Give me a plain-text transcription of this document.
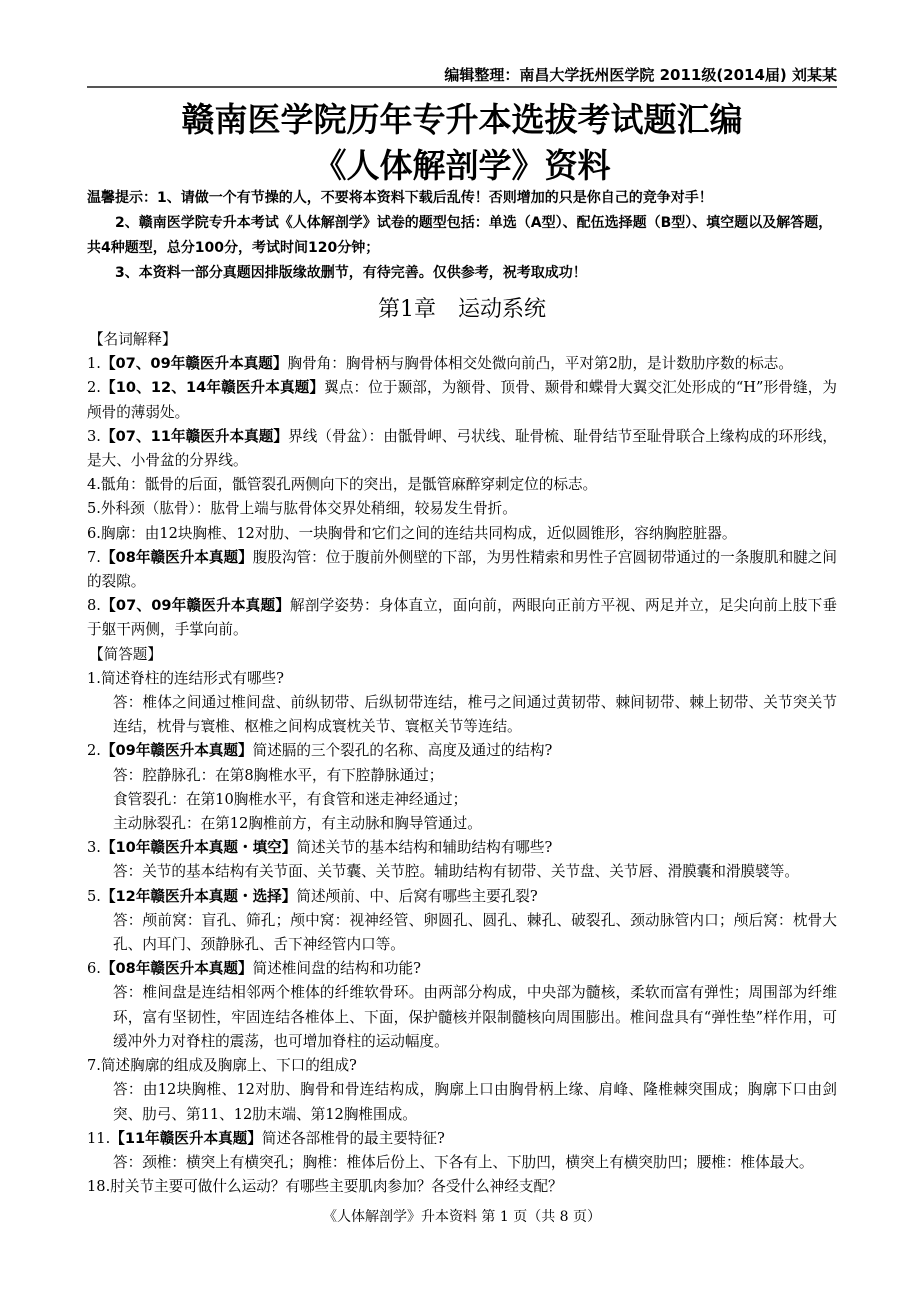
编辑整理：南昌大学抚州医学院 2011级(2014届) 刘某某
赣南医学院历年专升本选拔考试题汇编
《人体解剖学》资料
温馨提示：1、请做一个有节操的人，不要将本资料下载后乱传！否则增加的只是你自己的竞争对手！
2、赣南医学院专升本考试《人体解剖学》试卷的题型包括：单选（A型）、配伍选择题（B型）、填空题以及解答题，共4种题型，总分100分，考试时间120分钟；
3、本资料一部分真题因排版缘故删节，有待完善。仅供参考，祝考取成功！
第1章　运动系统
【名词解释】
1.【07、09年赣医升本真题】胸骨角：胸骨柄与胸骨体相交处微向前凸，平对第2肋，是计数肋序数的标志。
2.【10、12、14年赣医升本真题】翼点：位于颞部，为额骨、顶骨、颞骨和蝶骨大翼交汇处形成的“H”形骨缝，为颅骨的薄弱处。
3.【07、11年赣医升本真题】界线（骨盆）：由骶骨岬、弓状线、耻骨梳、耻骨结节至耻骨联合上缘构成的环形线，是大、小骨盆的分界线。
4.骶角：骶骨的后面，骶管裂孔两侧向下的突出，是骶管麻醉穿刺定位的标志。
5.外科颈（肱骨）：肱骨上端与肱骨体交界处稍细，较易发生骨折。
6.胸廓：由12块胸椎、12对肋、一块胸骨和它们之间的连结共同构成，近似圆锥形，容纳胸腔脏器。
7.【08年赣医升本真题】腹股沟管：位于腹前外侧壁的下部，为男性精索和男性子宫圆韧带通过的一条腹肌和腱之间的裂隙。
8.【07、09年赣医升本真题】解剖学姿势：身体直立，面向前，两眼向正前方平视、两足并立，足尖向前上肢下垂于躯干两侧，手掌向前。
【简答题】
1.简述脊柱的连结形式有哪些?
答：椎体之间通过椎间盘、前纵韧带、后纵韧带连结，椎弓之间通过黄韧带、棘间韧带、棘上韧带、关节突关节连结，枕骨与寰椎、枢椎之间构成寰枕关节、寰枢关节等连结。
2.【09年赣医升本真题】简述膈的三个裂孔的名称、高度及通过的结构?
答：腔静脉孔：在第8胸椎水平，有下腔静脉通过；
食管裂孔：在第10胸椎水平，有食管和迷走神经通过；
主动脉裂孔：在第12胸椎前方，有主动脉和胸导管通过。
3.【10年赣医升本真题・填空】简述关节的基本结构和辅助结构有哪些?
答：关节的基本结构有关节面、关节囊、关节腔。辅助结构有韧带、关节盘、关节唇、滑膜囊和滑膜襞等。
5.【12年赣医升本真题・选择】简述颅前、中、后窝有哪些主要孔裂?
答：颅前窝：盲孔、筛孔；颅中窝：视神经管、卵圆孔、圆孔、棘孔、破裂孔、颈动脉管内口；颅后窝：枕骨大孔、内耳门、颈静脉孔、舌下神经管内口等。
6.【08年赣医升本真题】简述椎间盘的结构和功能?
答：椎间盘是连结相邻两个椎体的纤维软骨环。由两部分构成，中央部为髓核，柔软而富有弹性；周围部为纤维环，富有坚韧性，牢固连结各椎体上、下面，保护髓核并限制髓核向周围膨出。椎间盘具有“弹性垫”样作用，可缓冲外力对脊柱的震荡，也可增加脊柱的运动幅度。
7.简述胸廓的组成及胸廓上、下口的组成?
答：由12块胸椎、12对肋、胸骨和骨连结构成，胸廓上口由胸骨柄上缘、肩峰、隆椎棘突围成；胸廓下口由剑突、肋弓、第11、12肋末端、第12胸椎围成。
11.【11年赣医升本真题】简述各部椎骨的最主要特征?
答：颈椎：横突上有横突孔；胸椎：椎体后份上、下各有上、下肋凹，横突上有横突肋凹；腰椎：椎体最大。
18.肘关节主要可做什么运动？有哪些主要肌肉参加？各受什么神经支配？
《人体解剖学》升本资料 第 1 页（共 8 页）
